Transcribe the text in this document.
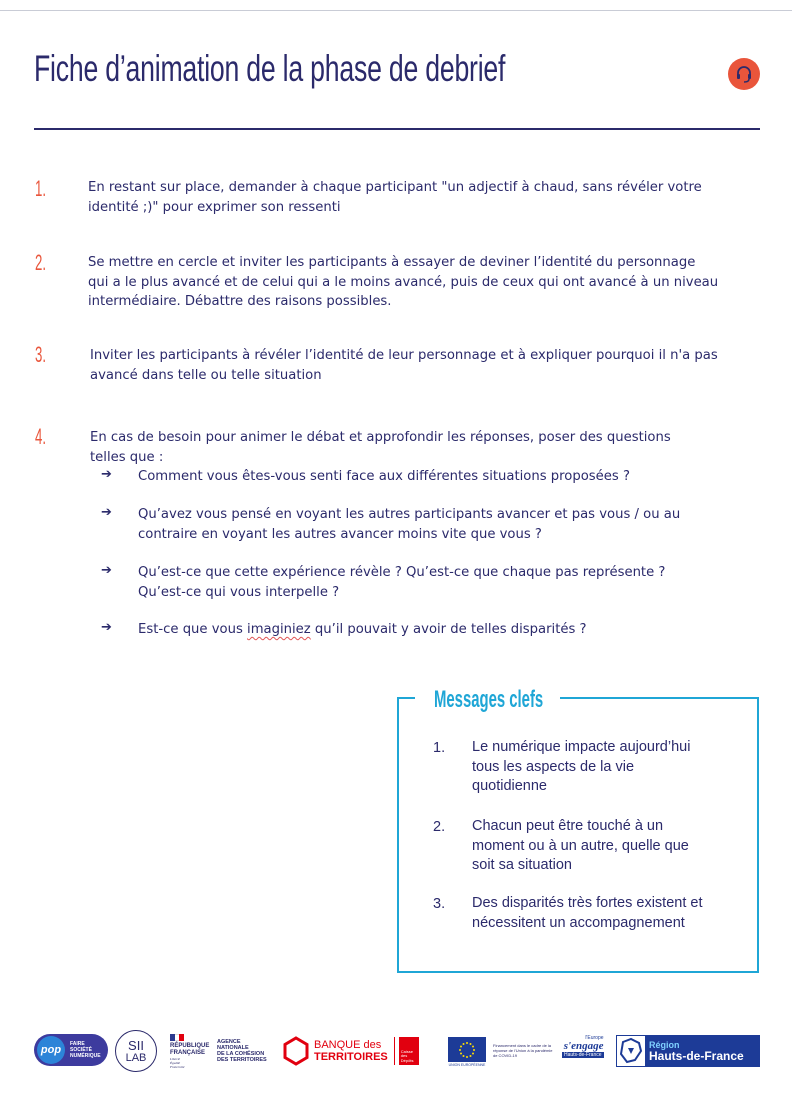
Fiche d’animation de la phase de debrief
1.	En restant sur place, demander à chaque participant "un adjectif à chaud, sans révéler votre
identité ;)" pour exprimer son ressenti
2.	Se mettre en cercle et inviter les participants à essayer de deviner l’identité du personnage
qui a le plus avancé et de celui qui a le moins avancé, puis de ceux qui ont avancé à un niveau
intermédiaire. Débattre des raisons possibles.
3.	Inviter les participants à révéler l’identité de leur personnage et à expliquer pourquoi il n'a pas
avancé dans telle ou telle situation
4.	En cas de besoin pour animer le débat et approfondir les réponses, poser des questions
telles que :
➔ Comment vous êtes-vous senti face aux différentes situations proposées ?
➔ Qu’avez vous pensé en voyant les autres participants avancer et pas vous / ou au
contraire en voyant les autres avancer moins vite que vous ?
➔ Qu’est-ce que cette expérience révèle ? Qu’est-ce que chaque pas représente ?
Qu’est-ce qui vous interpelle ?
➔ Est-ce que vous imaginiez qu’il pouvait y avoir de telles disparités ?
Messages clefs
1. Le numérique impacte aujourd’hui
tous les aspects de la vie
quotidienne
2. Chacun peut être touché à un
moment ou à un autre, quelle que
soit sa situation
3. Des disparités très fortes existent et
nécessitent un accompagnement
pop	FAIRE
SOCIÉTÉ
NUMÉRIQUE
SII
LAB
RÉPUBLIQUE
FRANÇAISE
Liberté
Égalité
Fraternité
AGENCE
NATIONALE
DE LA COHÉSION
DES TERRITOIRES
BANQUE des
TERRITOIRES	Caisse des Dépôts
UNION EUROPÉENNE
Financement dans le cadre de la
réponse de l'Union à la pandémie
de COVID-19
l'Europe
s'engage
Hauts-de-France
Région
Hauts-de-France
